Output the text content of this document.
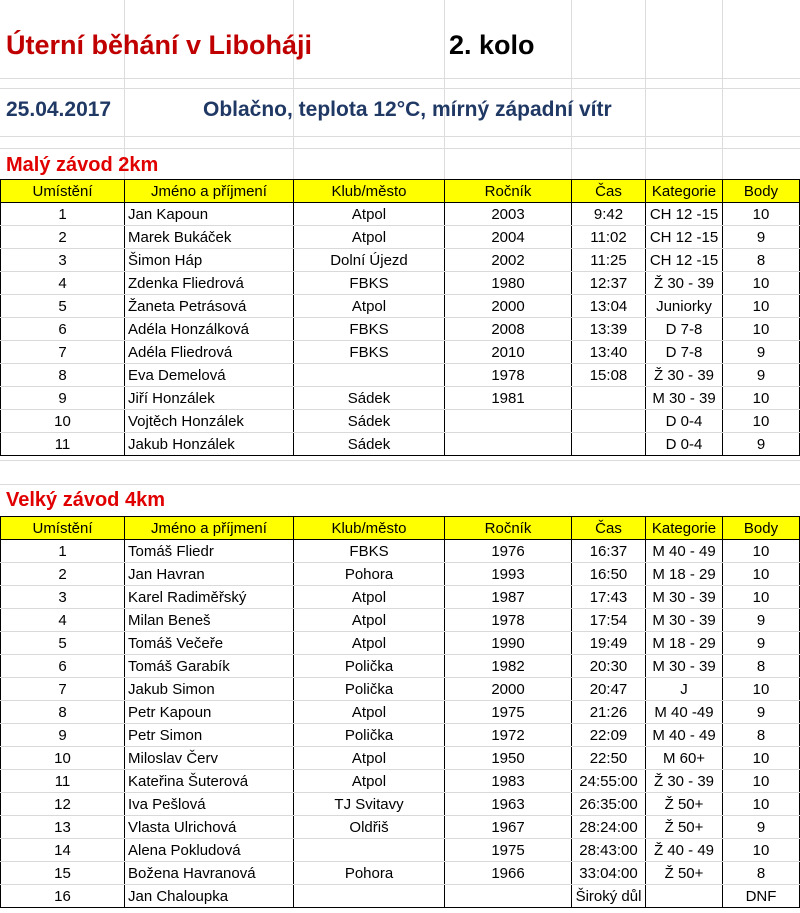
Úterní běhání v Liboháji	2. kolo
25.04.2017	Oblačno, teplota 12°C, mírný západní vítr
Malý závod 2km
Umístění	Jméno a příjmení	Klub/město	Ročník	Čas	Kategorie	Body
1	Jan Kapoun	Atpol	2003	9:42	CH 12 -15	10
2	Marek Bukáček	Atpol	2004	11:02	CH 12 -15	9
3	Šimon Háp	Dolní Újezd	2002	11:25	CH 12 -15	8
4	Zdenka Fliedrová	FBKS	1980	12:37	Ž 30 - 39	10
5	Žaneta Petrásová	Atpol	2000	13:04	Juniorky	10
6	Adéla Honzálková	FBKS	2008	13:39	D 7-8	10
7	Adéla Fliedrová	FBKS	2010	13:40	D 7-8	9
8	Eva Demelová		1978	15:08	Ž 30 - 39	9
9	Jiří Honzálek	Sádek	1981		M 30 - 39	10
10	Vojtěch Honzálek	Sádek			D 0-4	10
11	Jakub Honzálek	Sádek			D 0-4	9
Velký závod 4km
Umístění	Jméno a příjmení	Klub/město	Ročník	Čas	Kategorie	Body
1	Tomáš Fliedr	FBKS	1976	16:37	M 40 - 49	10
2	Jan Havran	Pohora	1993	16:50	M 18 - 29	10
3	Karel Radiměřský	Atpol	1987	17:43	M 30 - 39	10
4	Milan Beneš	Atpol	1978	17:54	M 30 - 39	9
5	Tomáš Večeře	Atpol	1990	19:49	M 18 - 29	9
6	Tomáš Garabík	Polička	1982	20:30	M 30 - 39	8
7	Jakub Simon	Polička	2000	20:47	J	10
8	Petr Kapoun	Atpol	1975	21:26	M 40 -49	9
9	Petr Simon	Polička	1972	22:09	M 40 - 49	8
10	Miloslav Červ	Atpol	1950	22:50	M 60+	10
11	Kateřina Šuterová	Atpol	1983	24:55:00	Ž 30 - 39	10
12	Iva Pešlová	TJ Svitavy	1963	26:35:00	Ž 50+	10
13	Vlasta Ulrichová	Oldřiš	1967	28:24:00	Ž 50+	9
14	Alena Pokludová		1975	28:43:00	Ž 40 - 49	10
15	Božena Havranová	Pohora	1966	33:04:00	Ž 50+	8
16	Jan Chaloupka			Široký důl		DNF
